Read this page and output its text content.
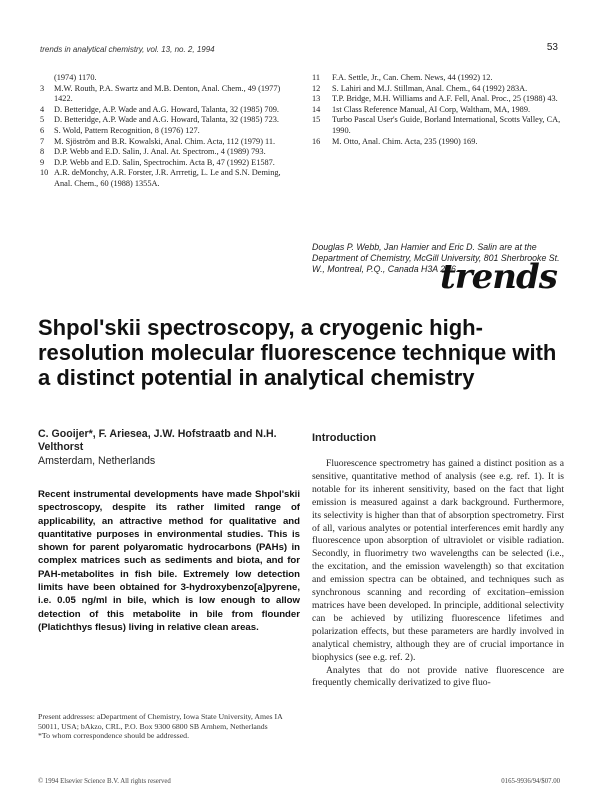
trends in analytical chemistry, vol. 13, no. 2, 1994	53
(1974) 1170.
3 M.W. Routh, P.A. Swartz and M.B. Denton, Anal. Chem., 49 (1977) 1422.
4 D. Betteridge, A.P. Wade and A.G. Howard, Talanta, 32 (1985) 709.
5 D. Betteridge, A.P. Wade and A.G. Howard, Talanta, 32 (1985) 723.
6 S. Wold, Pattern Recognition, 8 (1976) 127.
7 M. Sjöström and B.R. Kowalski, Anal. Chim. Acta, 112 (1979) 11.
8 D.P. Webb and E.D. Salin, J. Anal. At. Spectrom., 4 (1989) 793.
9 D.P. Webb and E.D. Salin, Spectrochim. Acta B, 47 (1992) E1587.
10 A.R. deMonchy, A.R. Forster, J.R. Arrretig, L. Le and S.N. Deming, Anal. Chem., 60 (1988) 1355A.
11 F.A. Settle, Jr., Can. Chem. News, 44 (1992) 12.
12 S. Lahiri and M.J. Stillman, Anal. Chem., 64 (1992) 283A.
13 T.P. Bridge, M.H. Williams and A.F. Fell, Anal. Proc., 25 (1988) 43.
14 1st Class Reference Manual, AI Corp, Waltham, MA, 1989.
15 Turbo Pascal User's Guide, Borland International, Scotts Valley, CA, 1990.
16 M. Otto, Anal. Chim. Acta, 235 (1990) 169.
Douglas P. Webb, Jan Hamier and Eric D. Salin are at the Department of Chemistry, McGill University, 801 Sherbrooke St. W., Montreal, P.Q., Canada H3A 2K6.
trends
Shpol'skii spectroscopy, a cryogenic high-resolution molecular fluorescence technique with a distinct potential in analytical chemistry
C. Gooijer*, F. Ariesea, J.W. Hofstraatb and N.H. Velthorst
Amsterdam, Netherlands
Recent instrumental developments have made Shpol'skii spectroscopy, despite its rather limited range of applicability, an attractive method for qualitative and quantitative purposes in environmental studies. This is shown for parent polyaromatic hydrocarbons (PAHs) in complex matrices such as sediments and biota, and for PAH-metabolites in fish bile. Extremely low detection limits have been obtained for 3-hydroxybenzo[a]pyrene, i.e. 0.05 ng/ml in bile, which is low enough to allow detection of this metabolite in bile from flounder (Platichthys flesus) living in relative clean areas.
Present addresses: aDepartment of Chemistry, Iowa State University, Ames IA 50011, USA; bAkzo, CRL, P.O. Box 9300 6800 SB Arnhem, Netherlands
*To whom correspondence should be addressed.
Introduction

Fluorescence spectrometry has gained a distinct position as a sensitive, quantitative method of analysis (see e.g. ref. 1). It is notable for its inherent sensitivity, based on the fact that light emission is measured against a dark background. Furthermore, its selectivity is higher than that of absorption spectrometry. First of all, various analytes or potential interferences emit hardly any fluorescence upon absorption of ultraviolet or visible radiation. Secondly, in fluorimetry two wavelengths can be selected (i.e., the excitation, and the emission wavelength) so that excitation and emission spectra can be obtained, and techniques such as synchronous scanning and recording of excitation–emission matrices have been developed. In principle, additional selectivity can be achieved by utilizing fluorescence lifetimes and polarization effects, but these parameters are hardly involved in analytical chemistry, although they are of crucial importance in biophysics (see e.g. ref. 2).

Analytes that do not provide native fluorescence are frequently chemically derivatized to give fluo-

© 1994 Elsevier Science B.V. All rights reserved	0165-9936/94/$07.00
